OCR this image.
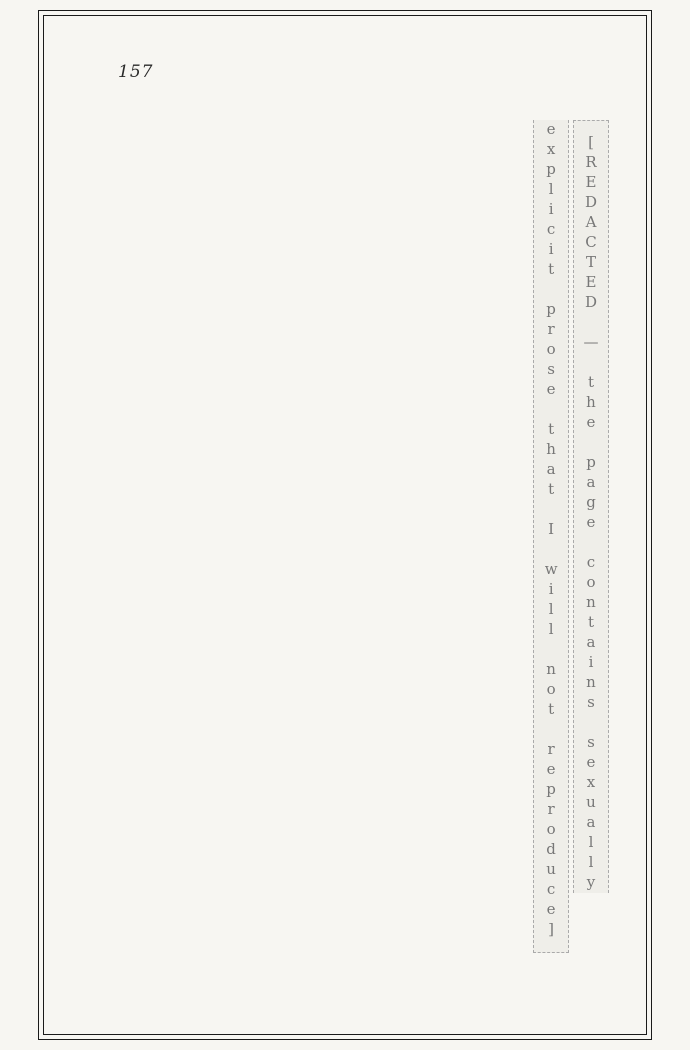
157
[REDACTED — the page contains sexually explicit prose that I will not reproduce]
